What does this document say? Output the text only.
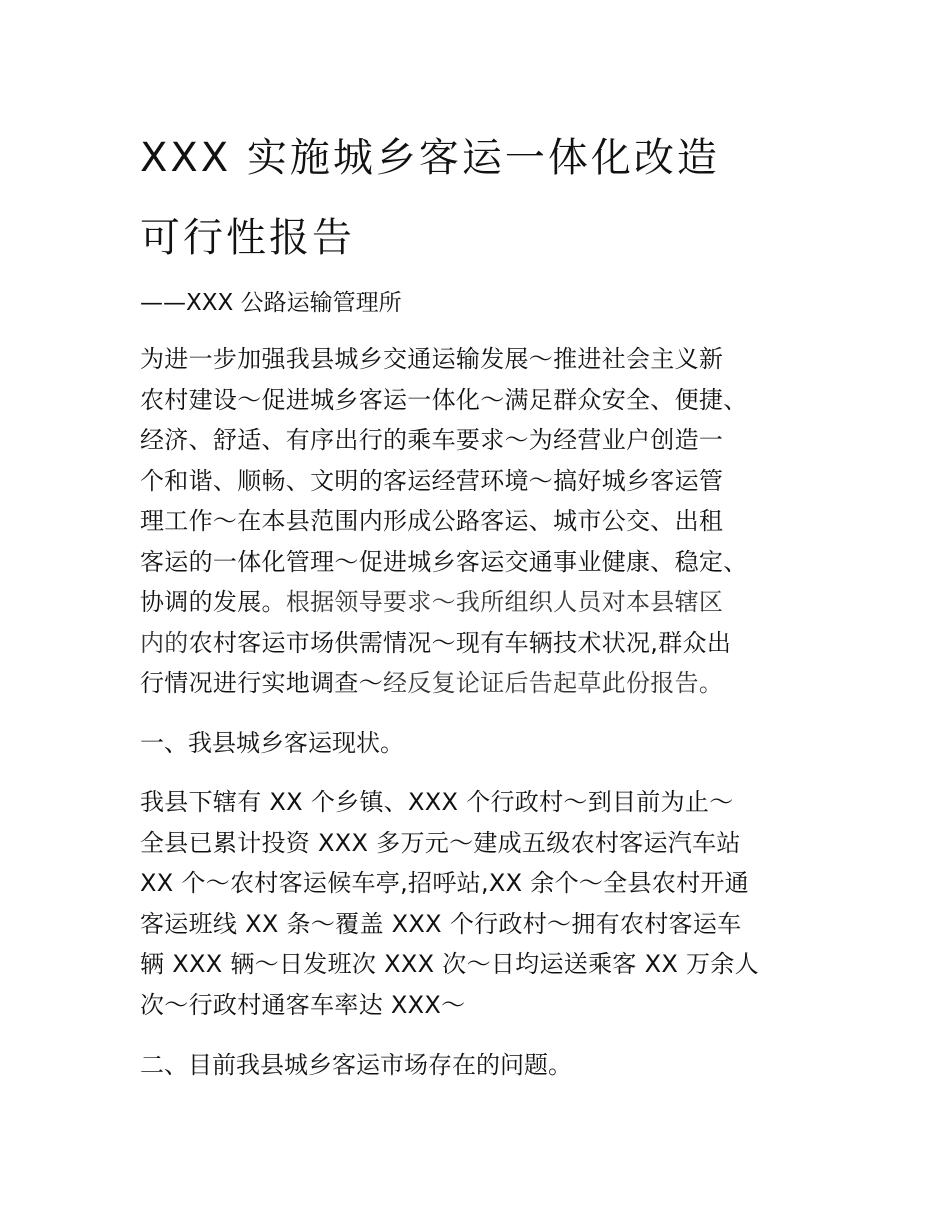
XXX 实施城乡客运一体化改造
可行性报告
——XXX 公路运输管理所
为进一步加强我县城乡交通运输发展～推进社会主义新
农村建设～促进城乡客运一体化～满足群众安全、便捷、
经济、舒适、有序出行的乘车要求～为经营业户创造一
个和谐、顺畅、文明的客运经营环境～搞好城乡客运管
理工作～在本县范围内形成公路客运、城市公交、出租
客运的一体化管理～促进城乡客运交通事业健康、稳定、
协调的发展。根据领导要求～我所组织人员对本县辖区
内的农村客运市场供需情况～现有车辆技术状况,群众出
行情况进行实地调查～经反复论证后告起草此份报告。
一、我县城乡客运现状。
我县下辖有 XX 个乡镇、XXX 个行政村～到目前为止～
全县已累计投资 XXX 多万元～建成五级农村客运汽车站
XX 个～农村客运候车亭,招呼站,XX 余个～全县农村开通
客运班线 XX 条～覆盖 XXX 个行政村～拥有农村客运车
辆 XXX 辆～日发班次 XXX 次～日均运送乘客 XX 万余人
次～行政村通客车率达 XXX～
二、目前我县城乡客运市场存在的问题。
